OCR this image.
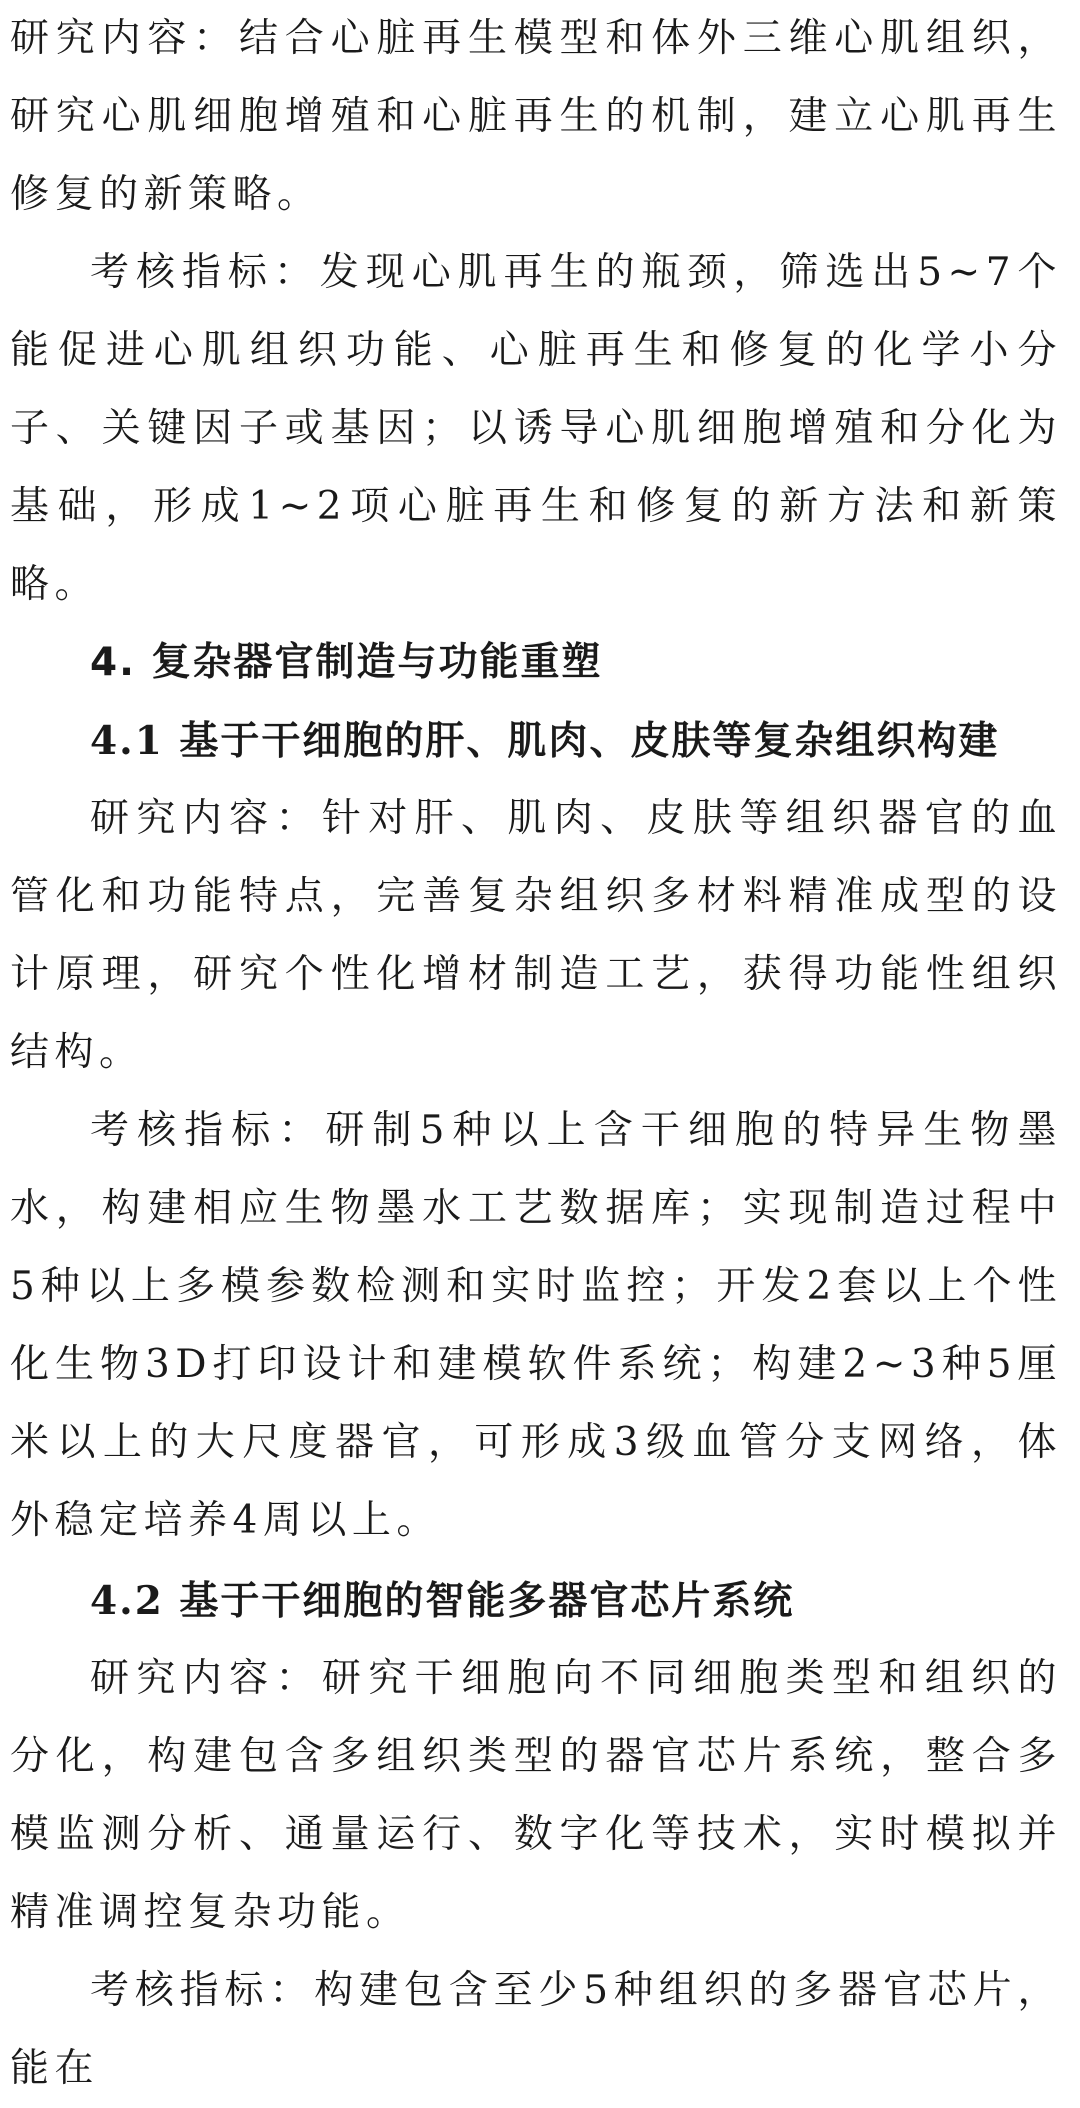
研究内容：结合心脏再生模型和体外三维心肌组织，研究心肌细胞增殖和心脏再生的机制，建立心肌再生修复的新策略。

考核指标：发现心肌再生的瓶颈，筛选出5~7个能促进心肌组织功能、心脏再生和修复的化学小分子、关键因子或基因；以诱导心肌细胞增殖和分化为基础，形成1~2项心脏再生和修复的新方法和新策略。

4. 复杂器官制造与功能重塑

4.1 基于干细胞的肝、肌肉、皮肤等复杂组织构建

研究内容：针对肝、肌肉、皮肤等组织器官的血管化和功能特点，完善复杂组织多材料精准成型的设计原理，研究个性化增材制造工艺，获得功能性组织结构。

考核指标：研制5种以上含干细胞的特异生物墨水，构建相应生物墨水工艺数据库；实现制造过程中5种以上多模参数检测和实时监控；开发2套以上个性化生物3D打印设计和建模软件系统；构建2~3种5厘米以上的大尺度器官，可形成3级血管分支网络，体外稳定培养4周以上。

4.2 基于干细胞的智能多器官芯片系统

研究内容：研究干细胞向不同细胞类型和组织的分化，构建包含多组织类型的器官芯片系统，整合多模监测分析、通量运行、数字化等技术，实时模拟并精准调控复杂功能。

考核指标：构建包含至少5种组织的多器官芯片，能在
